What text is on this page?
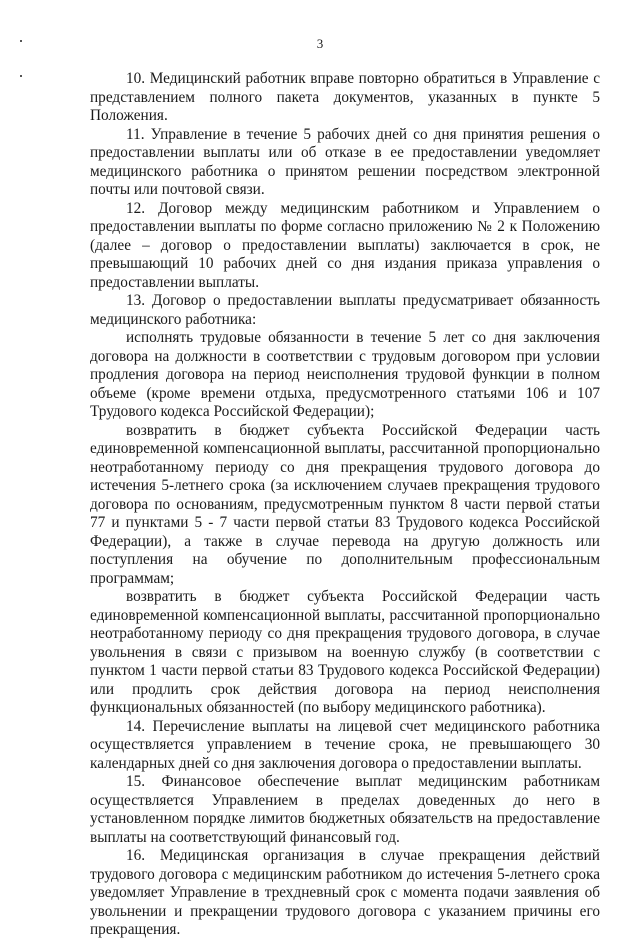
3

10. Медицинский работник вправе повторно обратиться в Управление с представлением полного пакета документов, указанных в пункте 5 Положения.

11. Управление в течение 5 рабочих дней со дня принятия решения о предоставлении выплаты или об отказе в ее предоставлении уведомляет медицинского работника о принятом решении посредством электронной почты или почтовой связи.

12. Договор между медицинским работником и Управлением о предоставлении выплаты по форме согласно приложению № 2 к Положению (далее – договор о предоставлении выплаты) заключается в срок, не превышающий 10 рабочих дней со дня издания приказа управления о предоставлении выплаты.

13. Договор о предоставлении выплаты предусматривает обязанность медицинского работника:

исполнять трудовые обязанности в течение 5 лет со дня заключения договора на должности в соответствии с трудовым договором при условии продления договора на период неисполнения трудовой функции в полном объеме (кроме времени отдыха, предусмотренного статьями 106 и 107 Трудового кодекса Российской Федерации);

возвратить в бюджет субъекта Российской Федерации часть единовременной компенсационной выплаты, рассчитанной пропорционально неотработанному периоду со дня прекращения трудового договора до истечения 5-летнего срока (за исключением случаев прекращения трудового договора по основаниям, предусмотренным пунктом 8 части первой статьи 77 и пунктами 5 - 7 части первой статьи 83 Трудового кодекса Российской Федерации), а также в случае перевода на другую должность или поступления на обучение по дополнительным профессиональным программам;

возвратить в бюджет субъекта Российской Федерации часть единовременной компенсационной выплаты, рассчитанной пропорционально неотработанному периоду со дня прекращения трудового договора, в случае увольнения в связи с призывом на военную службу (в соответствии с пунктом 1 части первой статьи 83 Трудового кодекса Российской Федерации) или продлить срок действия договора на период неисполнения функциональных обязанностей (по выбору медицинского работника).

14. Перечисление выплаты на лицевой счет медицинского работника осуществляется управлением в течение срока, не превышающего 30 календарных дней со дня заключения договора о предоставлении выплаты.

15. Финансовое обеспечение выплат медицинским работникам осуществляется Управлением в пределах доведенных до него в установленном порядке лимитов бюджетных обязательств на предоставление выплаты на соответствующий финансовый год.

16. Медицинская организация в случае прекращения действий трудового договора с медицинским работником до истечения 5-летнего срока уведомляет Управление в трехдневный срок с момента подачи заявления об увольнении и прекращении трудового договора с указанием причины его прекращения.
